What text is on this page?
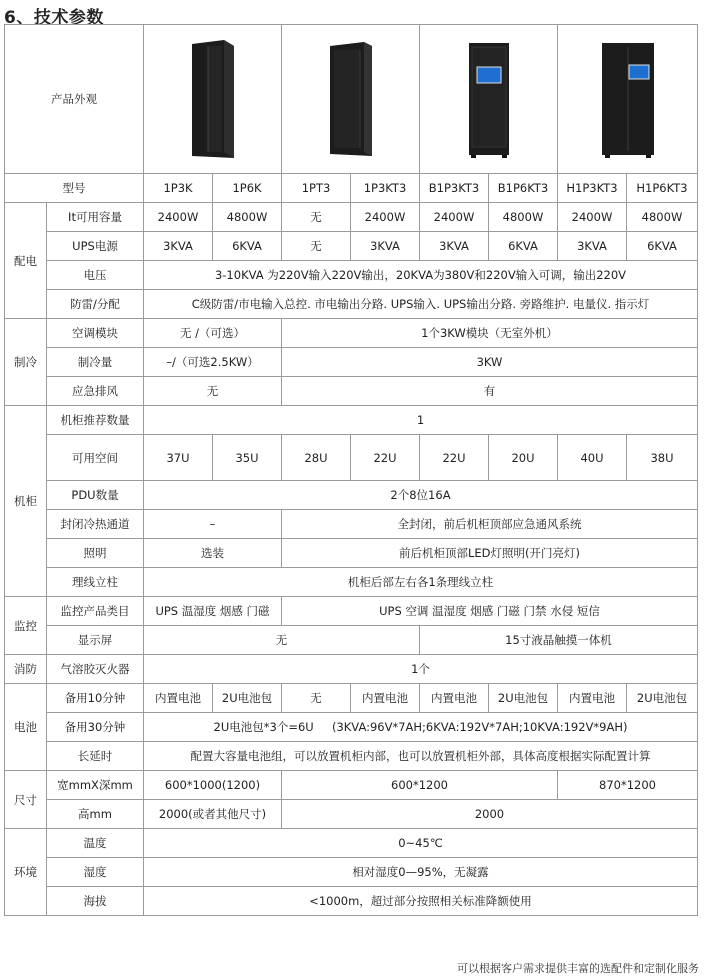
6、技术参数
产品外观	

型号		1P3K	1P6K	1PT3	1P3KT3	B1P3KT3	B1P6KT3	H1P3KT3	H1P6KT3
配电	It可用容量	2400W	4800W	无	2400W	2400W	4800W	2400W	4800W
	UPS电源	3KVA	6KVA	无	3KVA	3KVA	6KVA	3KVA	6KVA
	电压	3-10KVA 为220V输入220V输出，20KVA为380V和220V输入可调，输出220V							
	防雷/分配	C级防雷/市电输入总控. 市电输出分路. UPS输入. UPS输出分路. 旁路维护. 电量仪. 指示灯							
制冷	空调模块	无 /（可选）		1个3KW模块（无室外机）					
	制冷量	–/（可选2.5KW）		3KW					
	应急排风	无		有					
机柜	机柜推荐数量	1							
	可用空间	37U	35U	28U	22U	22U	20U	40U	38U
	PDU数量	2个8位16A							
	封闭冷热通道	–		全封闭，前后机柜顶部应急通风系统					
	照明	选装		前后机柜顶部LED灯照明(开门亮灯)					
	理线立柱	机柜后部左右各1条理线立柱							
监控	监控产品类目	UPS 温湿度 烟感 门磁		UPS 空调 温湿度 烟感 门磁 门禁 水侵 短信					
	显示屏	无				15寸液晶触摸一体机			
消防	气溶胶灭火器	1个							
电池	备用10分钟	内置电池	2U电池包	无	内置电池	内置电池	2U电池包	内置电池	2U电池包
	备用30分钟	2U电池包*3个=6U     (3KVA:96V*7AH;6KVA:192V*7AH;10KVA:192V*9AH)							
	长延时	配置大容量电池组，可以放置机柜内部，也可以放置机柜外部，具体高度根据实际配置计算							
尺寸	宽mmX深mm	600*1000(1200)		600*1200				870*1200	
	高mm	2000(或者其他尺寸)		2000					
环境	温度	0~45℃							
	湿度	相对湿度0—95%，无凝露							
	海拔	<1000m，超过部分按照相关标准降额使用							
可以根据客户需求提供丰富的选配件和定制化服务
